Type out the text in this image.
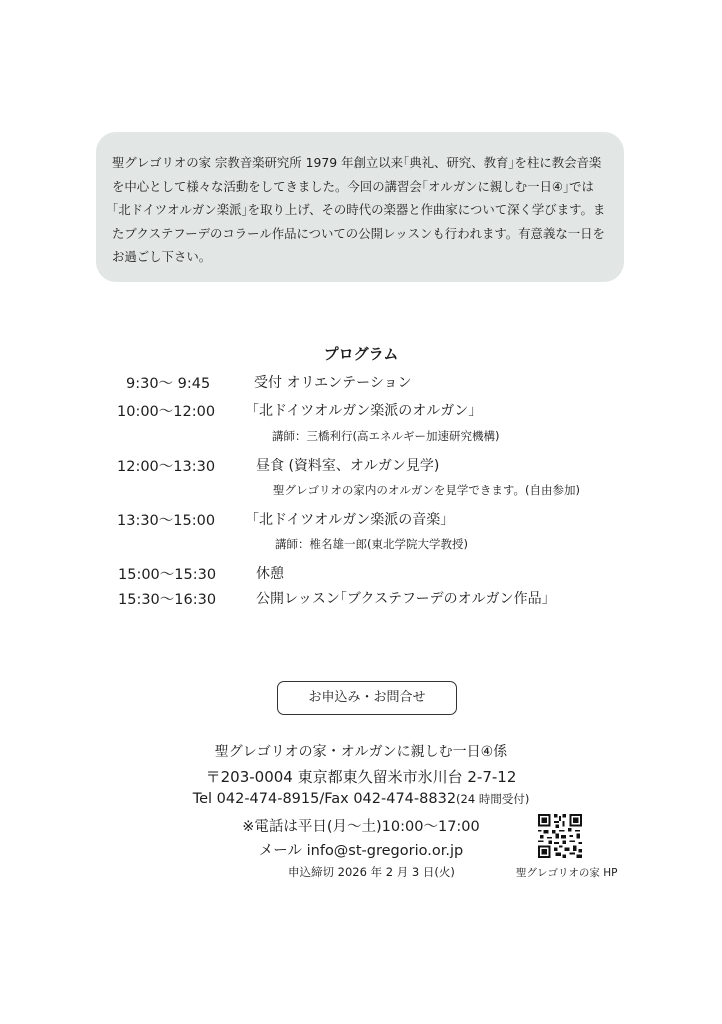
聖グレゴリオの家 宗教音楽研究所 1979 年創立以来｢典礼、研究、教育｣を柱に教会音楽

を中心として様々な活動をしてきました。今回の講習会｢オルガンに親しむ一日④｣では

｢北ドイツオルガン楽派｣を取り上げ、その時代の楽器と作曲家について深く学びます。ま

たブクステフーデのコラール作品についての公開レッスンも行われます。有意義な一日を

お過ごし下さい。

プログラム
9:30～ 9:45	受付 オリエンテーション
10:00～12:00	｢北ドイツオルガン楽派のオルガン｣
講師：三橋利行(高エネルギー加速研究機構)
12:00～13:30	昼食 (資料室、オルガン見学)
聖グレゴリオの家内のオルガンを見学できます。(自由参加)
13:30～15:00	｢北ドイツオルガン楽派の音楽｣
講師：椎名雄一郎(東北学院大学教授)
15:00～15:30	休憩
15:30～16:30	公開レッスン｢ブクステフーデのオルガン作品｣
お申込み・お問合せ
聖グレゴリオの家・オルガンに親しむ一日④係
〒203-0004 東京都東久留米市氷川台 2-7-12
Tel 042-474-8915/Fax 042-474-8832(24 時間受付)
※電話は平日(月～土)10:00～17:00
メール info@st-gregorio.or.jp
申込締切 2026 年 2 月 3 日(火)	聖グレゴリオの家 HP
